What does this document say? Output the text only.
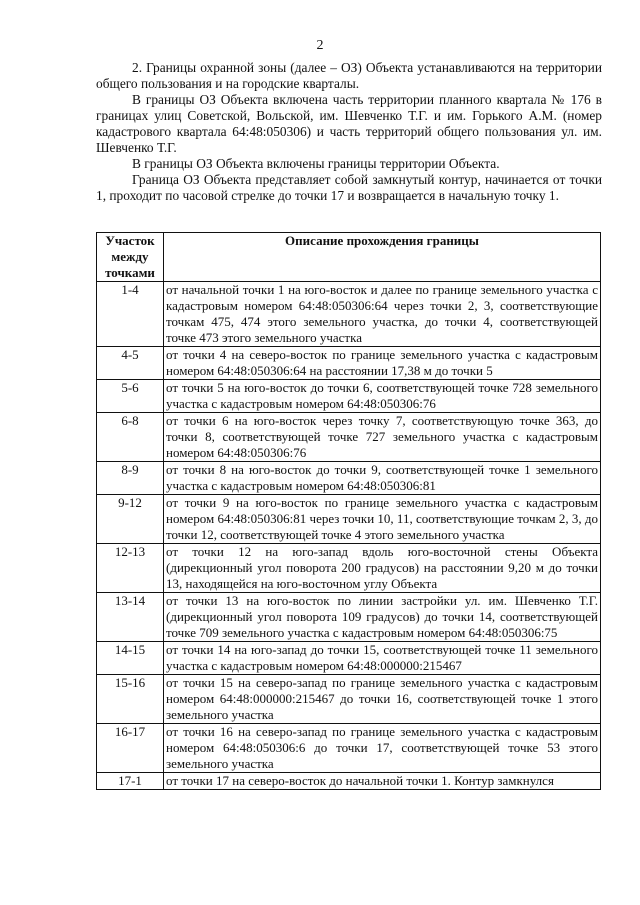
2

2. Границы охранной зоны (далее – ОЗ) Объекта устанавливаются на территории общего пользования и на городские кварталы.

В границы ОЗ Объекта включена часть территории планного квартала № 176 в границах улиц Советской, Вольской, им. Шевченко Т.Г. и им. Горького А.М. (номер кадастрового квартала 64:48:050306) и часть территорий общего пользования ул. им. Шевченко Т.Г.

В границы ОЗ Объекта включены границы территории Объекта.

Граница ОЗ Объекта представляет собой замкнутый контур, начинается от точки 1, проходит по часовой стрелке до точки 17 и возвращается в начальную точку 1.

Участок между точками	Описание прохождения границы
1-4	от начальной точки 1 на юго-восток и далее по границе земельного участка с кадастровым номером 64:48:050306:64 через точки 2, 3, соответствующие точкам 475, 474 этого земельного участка, до точки 4, соответствующей точке 473 этого земельного участка
4-5	от точки 4 на северо-восток по границе земельного участка с кадастровым номером 64:48:050306:64 на расстоянии 17,38 м до точки 5
5-6	от точки 5 на юго-восток до точки 6, соответствующей точке 728 земельного участка с кадастровым номером 64:48:050306:76
6-8	от точки 6 на юго-восток через точку 7, соответствующую точке 363, до точки 8, соответствующей точке 727 земельного участка с кадастровым номером 64:48:050306:76
8-9	от точки 8 на юго-восток до точки 9, соответствующей точке 1 земельного участка с кадастровым номером 64:48:050306:81
9-12	от точки 9 на юго-восток по границе земельного участка с кадастровым номером 64:48:050306:81 через точки 10, 11, соответствующие точкам 2, 3, до точки 12, соответствующей точке 4 этого земельного участка
12-13	от точки 12 на юго-запад вдоль юго-восточной стены Объекта (дирекционный угол поворота 200 градусов) на расстоянии 9,20 м до точки 13, находящейся на юго-восточном углу Объекта
13-14	от точки 13 на юго-восток по линии застройки ул. им. Шевченко Т.Г. (дирекционный угол поворота 109 градусов) до точки 14, соответствующей точке 709 земельного участка с кадастровым номером 64:48:050306:75
14-15	от точки 14 на юго-запад до точки 15, соответствующей точке 11 земельного участка с кадастровым номером 64:48:000000:215467
15-16	от точки 15 на северо-запад по границе земельного участка с кадастровым номером 64:48:000000:215467 до точки 16, соответствующей точке 1 этого земельного участка
16-17	от точки 16 на северо-запад по границе земельного участка с кадастровым номером 64:48:050306:6 до точки 17, соответствующей точке 53 этого земельного участка
17-1	от точки 17 на северо-восток до начальной точки 1. Контур замкнулся
